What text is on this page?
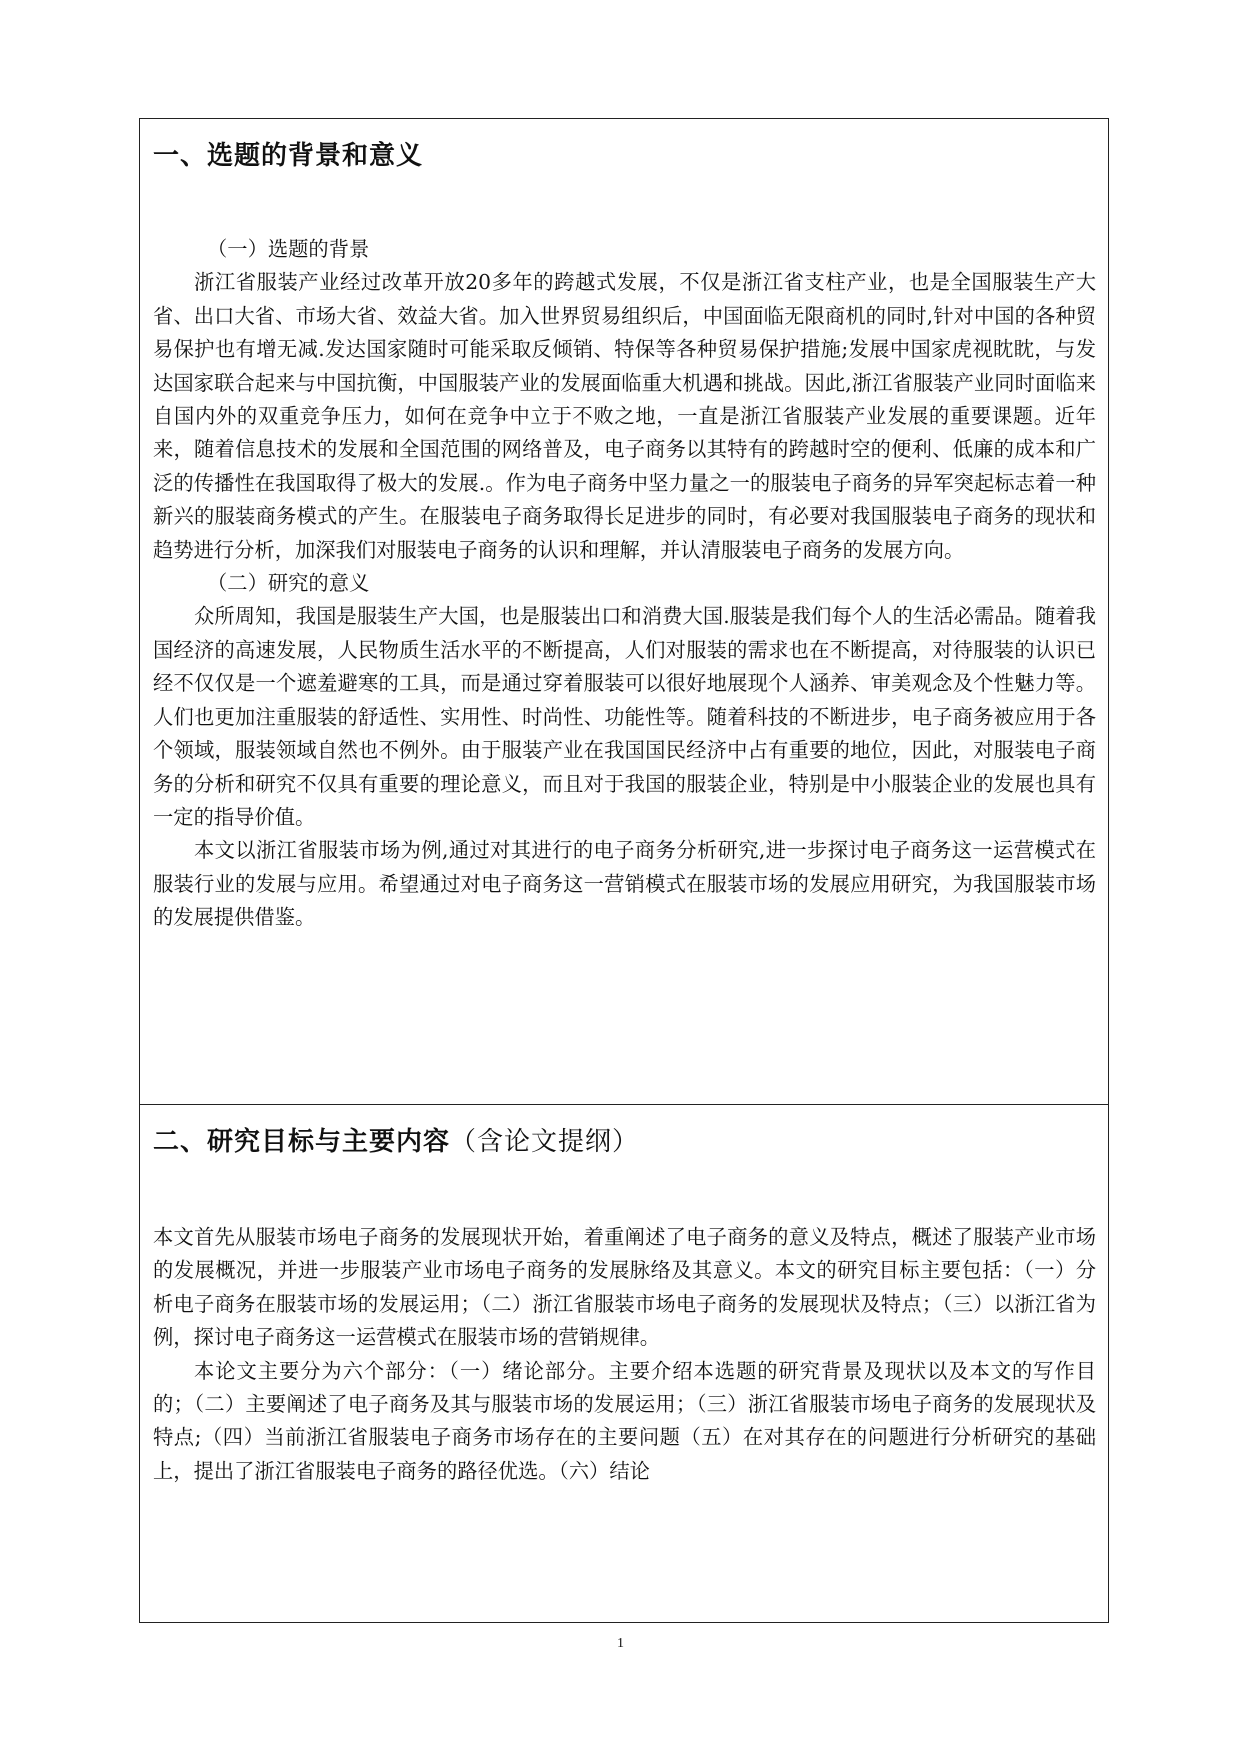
一、选题的背景和意义

（一）选题的背景

浙江省服装产业经过改革开放20多年的跨越式发展，不仅是浙江省支柱产业，也是全国服装生产大省、出口大省、市场大省、效益大省。加入世界贸易组织后，中国面临无限商机的同时,针对中国的各种贸易保护也有增无减.发达国家随时可能采取反倾销、特保等各种贸易保护措施;发展中国家虎视眈眈，与发达国家联合起来与中国抗衡，中国服装产业的发展面临重大机遇和挑战。因此,浙江省服装产业同时面临来自国内外的双重竞争压力，如何在竞争中立于不败之地，一直是浙江省服装产业发展的重要课题。近年来，随着信息技术的发展和全国范围的网络普及，电子商务以其特有的跨越时空的便利、低廉的成本和广泛的传播性在我国取得了极大的发展.。作为电子商务中坚力量之一的服装电子商务的异军突起标志着一种新兴的服装商务模式的产生。在服装电子商务取得长足进步的同时，有必要对我国服装电子商务的现状和趋势进行分析，加深我们对服装电子商务的认识和理解，并认清服装电子商务的发展方向。

（二）研究的意义

众所周知，我国是服装生产大国，也是服装出口和消费大国.服装是我们每个人的生活必需品。随着我国经济的高速发展，人民物质生活水平的不断提高，人们对服装的需求也在不断提高，对待服装的认识已经不仅仅是一个遮羞避寒的工具，而是通过穿着服装可以很好地展现个人涵养、审美观念及个性魅力等。人们也更加注重服装的舒适性、实用性、时尚性、功能性等。随着科技的不断进步，电子商务被应用于各个领域，服装领域自然也不例外。由于服装产业在我国国民经济中占有重要的地位，因此，对服装电子商务的分析和研究不仅具有重要的理论意义，而且对于我国的服装企业，特别是中小服装企业的发展也具有一定的指导价值。

本文以浙江省服装市场为例,通过对其进行的电子商务分析研究,进一步探讨电子商务这一运营模式在服装行业的发展与应用。希望通过对电子商务这一营销模式在服装市场的发展应用研究，为我国服装市场的发展提供借鉴。

二、研究目标与主要内容（含论文提纲）

本文首先从服装市场电子商务的发展现状开始，着重阐述了电子商务的意义及特点，概述了服装产业市场的发展概况，并进一步服装产业市场电子商务的发展脉络及其意义。本文的研究目标主要包括：（一）分析电子商务在服装市场的发展运用；（二）浙江省服装市场电子商务的发展现状及特点；（三）以浙江省为例，探讨电子商务这一运营模式在服装市场的营销规律。

本论文主要分为六个部分：（一）绪论部分。主要介绍本选题的研究背景及现状以及本文的写作目的；（二）主要阐述了电子商务及其与服装市场的发展运用；（三）浙江省服装市场电子商务的发展现状及特点;（四）当前浙江省服装电子商务市场存在的主要问题（五）在对其存在的问题进行分析研究的基础上，提出了浙江省服装电子商务的路径优选。（六）结论

1
